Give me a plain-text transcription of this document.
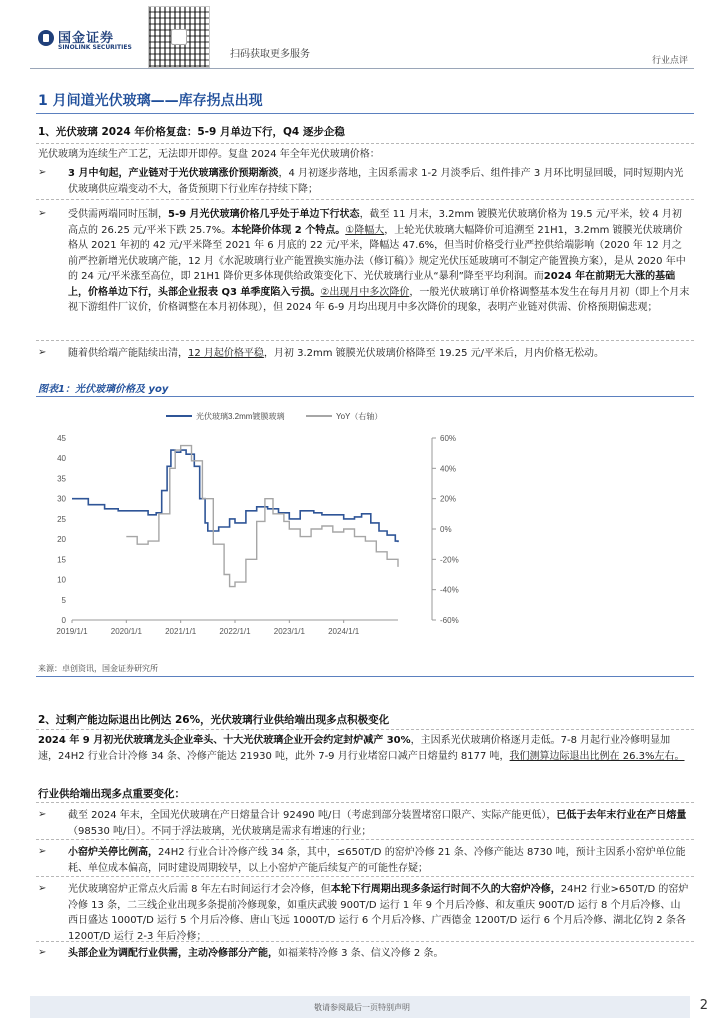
国金证券
SINOLINK SECURITIES
扫码获取更多服务
行业点评
1 月间道光伏玻璃——库存拐点出现
1、光伏玻璃 2024 年价格复盘：5-9 月单边下行，Q4 逐步企稳
光伏玻璃为连续生产工艺，无法即开即停。复盘 2024 年全年光伏玻璃价格：
➢ 3 月中旬起，产业链对于光伏玻璃涨价预期渐淡，4 月初逐步落地，主因系需求 1-2 月淡季后、组件排产 3 月环比明显回暖，同时短期内光伏玻璃供应端变动不大，备货预期下行业库存持续下降；
➢ 受供需两端同时压制，5-9 月光伏玻璃价格几乎处于单边下行状态，截至 11 月末，3.2mm 镀膜光伏玻璃价格为 19.5 元/平米，较 4 月初高点的 26.25 元/平米下跌 25.7%。本轮降价体现 2 个特点。①降幅大，上轮光伏玻璃大幅降价可追溯至 21H1，3.2mm 镀膜光伏玻璃价格从 2021 年初的 42 元/平米降至 2021 年 6 月底的 22 元/平米，降幅达 47.6%，但当时价格受行业严控供给端影响（2020 年 12 月之前严控新增光伏玻璃产能，12 月《水泥玻璃行业产能置换实施办法（修订稿）》规定光伏压延玻璃可不制定产能置换方案），是从 2020 年中的 24 元/平米涨至高位，即 21H1 降价更多体现供给政策变化下、光伏玻璃行业从“暴利”降至平均利润。而2024 年在前期无大涨的基础上，价格单边下行，头部企业报表 Q3 单季度陷入亏损。②出现月中多次降价，一般光伏玻璃订单价格调整基本发生在每月月初（即上个月末视下游组件厂议价，价格调整在本月初体现），但 2024 年 6-9 月均出现月中多次降价的现象，表明产业链对供需、价格预期偏悲观；
➢ 随着供给端产能陆续出清，12 月起价格平稳，月初 3.2mm 镀膜光伏玻璃价格降至 19.25 元/平米后，月内价格无松动。
图表1：光伏玻璃价格及 yoy
光伏玻璃3.2mm镀膜玻璃	YoY（右轴）
0
5
10
15
20
25
30
35
40
45	60%
40%
20%
0%
-20%
-40%
-60%
2019/1/1	2020/1/1	2021/1/1	2022/1/1	2023/1/1	2024/1/1
来源：卓创资讯，国金证券研究所
2、过剩产能边际退出比例达 26%，光伏玻璃行业供给端出现多点积极变化
2024 年 9 月初光伏玻璃龙头企业牵头、十大光伏玻璃企业开会约定封炉减产 30%，主因系光伏玻璃价格逐月走低。7-8 月起行业冷修明显加速，24H2 行业合计冷修 34 条、冷修产能达 21930 吨，此外 7-9 月行业堵窑口减产日熔量约 8177 吨，我们测算边际退出比例在 26.3%左右。
行业供给端出现多点重要变化：
➢ 截至 2024 年末，全国光伏玻璃在产日熔量合计 92490 吨/日（考虑到部分装置堵窑口限产、实际产能更低），已低于去年末行业在产日熔量（98530 吨/日）。不同于浮法玻璃，光伏玻璃是需求有增速的行业；
➢ 小窑炉关停比例高，24H2 行业合计冷修产线 34 条，其中，≤650T/D 的窑炉冷修 21 条、冷修产能达 8730 吨，预计主因系小窑炉单位能耗、单位成本偏高，同时建设周期较早，以上小窑炉产能后续复产的可能性存疑；
➢ 光伏玻璃窑炉正常点火后需 8 年左右时间运行才会冷修，但本轮下行周期出现多条运行时间不久的大窑炉冷修，24H2 行业>650T/D 的窑炉冷修 13 条，二三线企业出现多条提前冷修现象，如重庆武骏 900T/D 运行 1 年 9 个月后冷修、和友重庆 900T/D 运行 8 个月后冷修、山西日盛达 1000T/D 运行 5 个月后冷修、唐山飞远 1000T/D 运行 6 个月后冷修、广西德金 1200T/D 运行 6 个月后冷修、湖北亿钧 2 条各 1200T/D 运行 2-3 年后冷修；
➢ 头部企业为调配行业供需，主动冷修部分产能，如福莱特冷修 3 条、信义冷修 2 条。
敬请参阅最后一页特别声明	2
